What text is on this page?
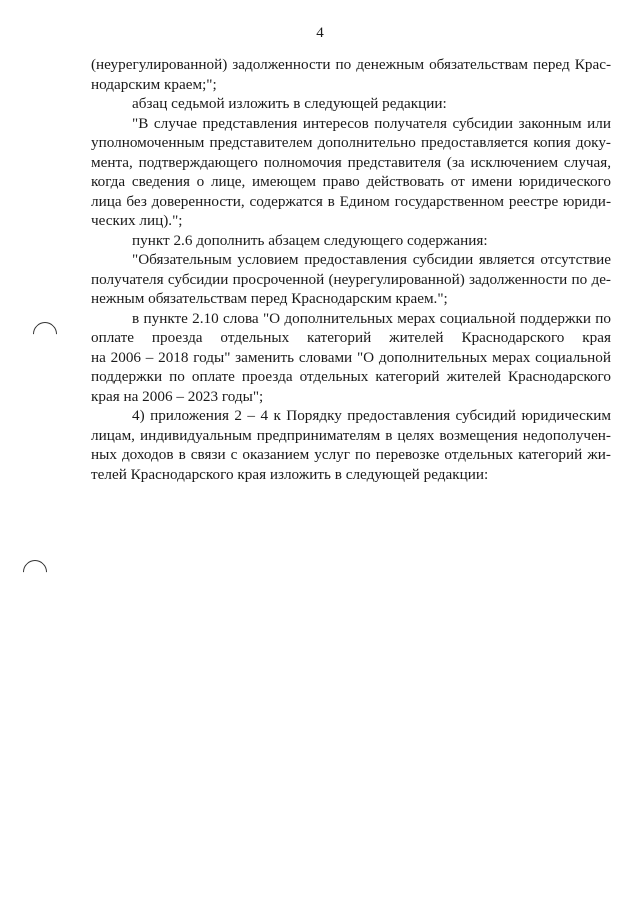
4
(неурегулированной) задолженности по денежным обязательствам перед Крас-
нодарским краем;";
абзац седьмой изложить в следующей редакции:
"В случае представления интересов получателя субсидии законным или
уполномоченным представителем дополнительно предоставляется копия доку-
мента, подтверждающего полномочия представителя (за исключением случая,
когда сведения о лице, имеющем право действовать от имени юридического
лица без доверенности, содержатся в Едином государственном реестре юриди-
ческих лиц).";
пункт 2.6 дополнить абзацем следующего содержания:
"Обязательным условием предоставления субсидии является отсутствие
получателя субсидии просроченной (неурегулированной) задолженности по де-
нежным обязательствам перед Краснодарским краем.";
в пункте 2.10 слова "О дополнительных мерах социальной поддержки по
оплате проезда отдельных категорий жителей Краснодарского края
на 2006 – 2018 годы" заменить словами "О дополнительных мерах социальной
поддержки по оплате проезда отдельных категорий жителей Краснодарского
края на 2006 – 2023 годы";
4) приложения 2 – 4 к Порядку предоставления субсидий юридическим
лицам, индивидуальным предпринимателям в целях возмещения недополучен-
ных доходов в связи с оказанием услуг по перевозке отдельных категорий жи-
телей Краснодарского края изложить в следующей редакции:
